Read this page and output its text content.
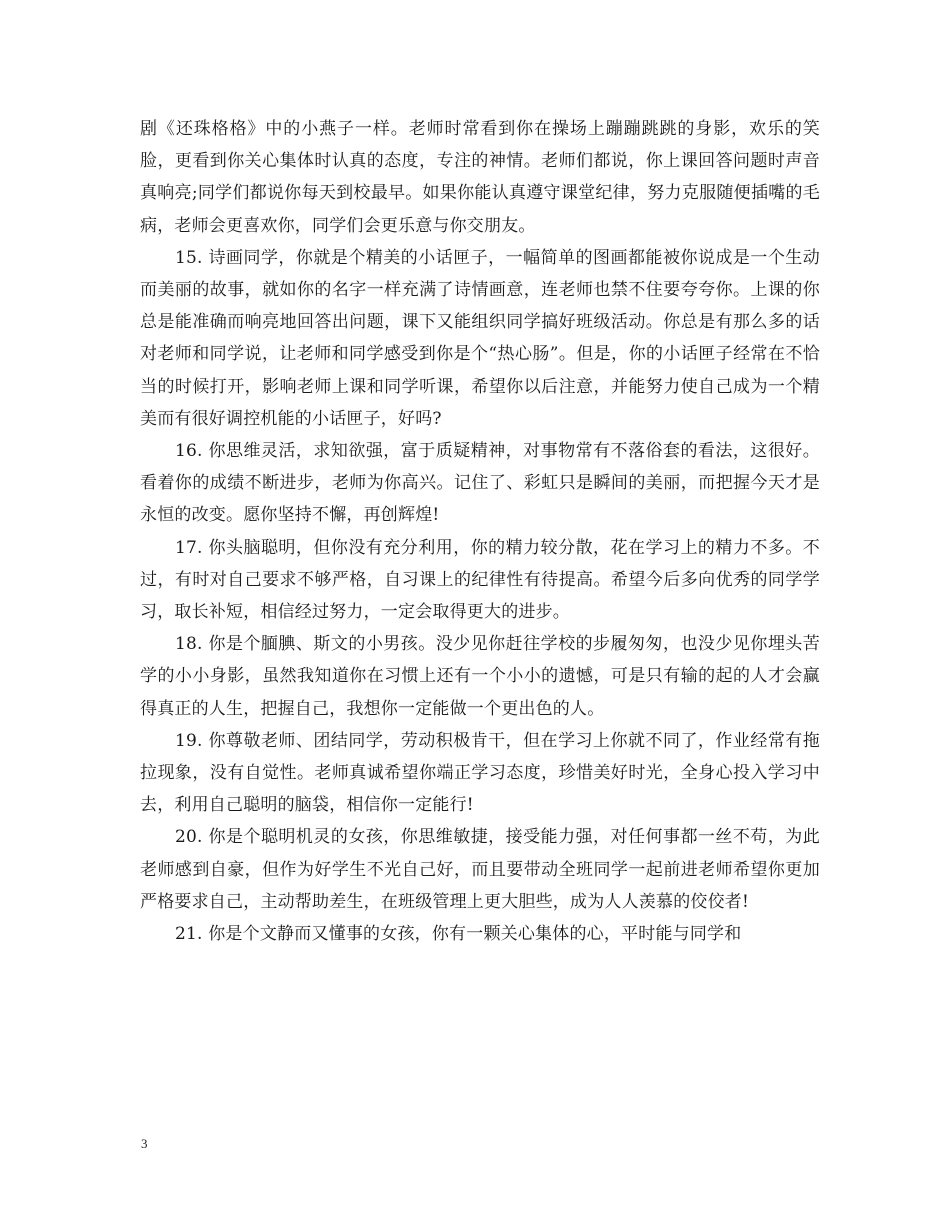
剧《还珠格格》中的小燕子一样。老师时常看到你在操场上蹦蹦跳跳的身影，欢乐的笑脸，更看到你关心集体时认真的态度，专注的神情。老师们都说，你上课回答问题时声音真响亮;同学们都说你每天到校最早。如果你能认真遵守课堂纪律，努力克服随便插嘴的毛病，老师会更喜欢你，同学们会更乐意与你交朋友。

15. 诗画同学，你就是个精美的小话匣子，一幅简单的图画都能被你说成是一个生动而美丽的故事，就如你的名字一样充满了诗情画意，连老师也禁不住要夸夸你。上课的你总是能准确而响亮地回答出问题，课下又能组织同学搞好班级活动。你总是有那么多的话对老师和同学说，让老师和同学感受到你是个“热心肠”。但是，你的小话匣子经常在不恰当的时候打开，影响老师上课和同学听课，希望你以后注意，并能努力使自己成为一个精美而有很好调控机能的小话匣子，好吗?

16. 你思维灵活，求知欲强，富于质疑精神，对事物常有不落俗套的看法，这很好。看着你的成绩不断进步，老师为你高兴。记住了、彩虹只是瞬间的美丽，而把握今天才是永恒的改变。愿你坚持不懈，再创辉煌!

17. 你头脑聪明，但你没有充分利用，你的精力较分散，花在学习上的精力不多。不过，有时对自己要求不够严格，自习课上的纪律性有待提高。希望今后多向优秀的同学学习，取长补短，相信经过努力，一定会取得更大的进步。

18. 你是个腼腆、斯文的小男孩。没少见你赶往学校的步履匆匆，也没少见你埋头苦学的小小身影，虽然我知道你在习惯上还有一个小小的遗憾，可是只有输的起的人才会赢得真正的人生，把握自己，我想你一定能做一个更出色的人。

19. 你尊敬老师、团结同学，劳动积极肯干，但在学习上你就不同了，作业经常有拖拉现象，没有自觉性。老师真诚希望你端正学习态度，珍惜美好时光，全身心投入学习中去，利用自己聪明的脑袋，相信你一定能行!

20. 你是个聪明机灵的女孩，你思维敏捷，接受能力强，对任何事都一丝不苟，为此老师感到自豪，但作为好学生不光自己好，而且要带动全班同学一起前进老师希望你更加严格要求自己，主动帮助差生，在班级管理上更大胆些，成为人人羡慕的佼佼者!

21. 你是个文静而又懂事的女孩，你有一颗关心集体的心，平时能与同学和

3
